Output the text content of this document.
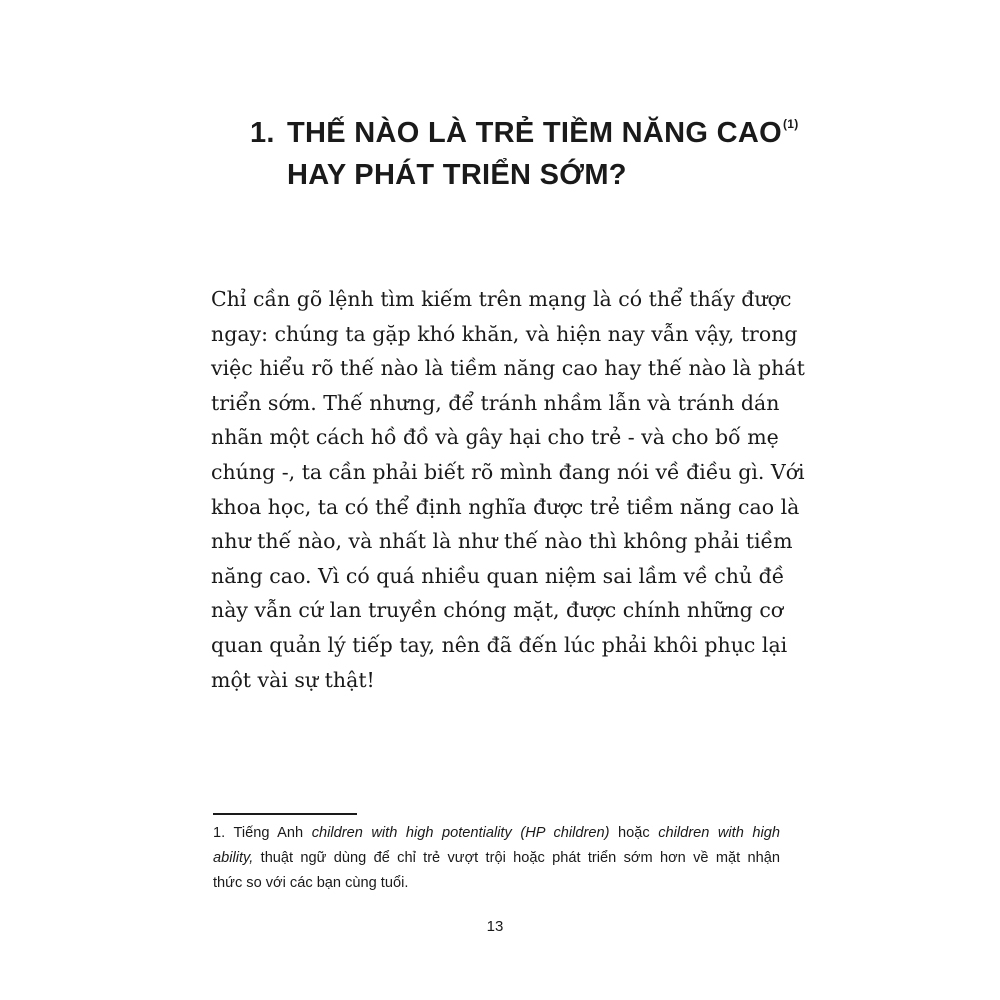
1. THẾ NÀO LÀ TRẺ TIỀM NĂNG CAO$^{(1)}$
HAY PHÁT TRIỂN SỚM?
Chỉ cần gõ lệnh tìm kiếm trên mạng là có thể thấy được
ngay: chúng ta gặp khó khăn, và hiện nay vẫn vậy, trong
việc hiểu rõ thế nào là tiềm năng cao hay thế nào là phát
triển sớm. Thế nhưng, để tránh nhầm lẫn và tránh dán
nhãn một cách hồ đồ và gây hại cho trẻ - và cho bố mẹ
chúng -, ta cần phải biết rõ mình đang nói về điều gì. Với
khoa học, ta có thể định nghĩa được trẻ tiềm năng cao là
như thế nào, và nhất là như thế nào thì không phải tiềm
năng cao. Vì có quá nhiều quan niệm sai lầm về chủ đề
này vẫn cứ lan truyền chóng mặt, được chính những cơ
quan quản lý tiếp tay, nên đã đến lúc phải khôi phục lại
một vài sự thật!
1. Tiếng Anh children with high potentiality (HP children) hoặc children with high
ability, thuật ngữ dùng để chỉ trẻ vượt trội hoặc phát triển sớm hơn về mặt nhận
thức so với các bạn cùng tuổi.
13
